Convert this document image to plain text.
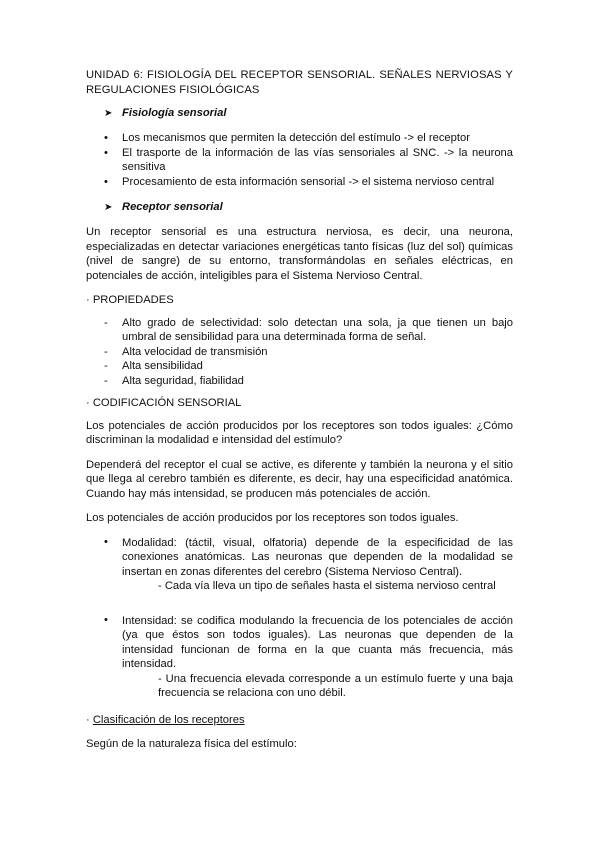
UNIDAD 6: FISIOLOGÍA DEL RECEPTOR SENSORIAL. SEÑALES NERVIOSAS Y REGULACIONES FISIOLÓGICAS

➤ Fisiología sensorial
• Los mecanismos que permiten la detección del estímulo -> el receptor
• El trasporte de la información de las vías sensoriales al SNC. -> la neurona sensitiva
• Procesamiento de esta información sensorial -> el sistema nervioso central
➤ Receptor sensorial

Un receptor sensorial es una estructura nerviosa, es decir, una neurona, especializadas en detectar variaciones energéticas tanto físicas (luz del sol) químicas (nivel de sangre) de su entorno, transformándolas en señales eléctricas, en potenciales de acción, inteligibles para el Sistema Nervioso Central.

· PROPIEDADES

- Alto grado de selectividad: solo detectan una sola, ja que tienen un bajo umbral de sensibilidad para una determinada forma de señal.
- Alta velocidad de transmisión
- Alta sensibilidad
- Alta seguridad, fiabilidad

· CODIFICACIÓN SENSORIAL

Los potenciales de acción producidos por los receptores son todos iguales: ¿Cómo discriminan la modalidad e intensidad del estímulo?

Dependerá del receptor el cual se active, es diferente y también la neurona y el sitio que llega al cerebro también es diferente, es decir, hay una especificidad anatómica. Cuando hay más intensidad, se producen más potenciales de acción.

Los potenciales de acción producidos por los receptores son todos iguales.

• Modalidad: (táctil, visual, olfatoria) depende de la especificidad de las conexiones anatómicas. Las neuronas que dependen de la modalidad se insertan en zonas diferentes del cerebro (Sistema Nervioso Central).

- Cada vía lleva un tipo de señales hasta el sistema nervioso central

• Intensidad: se codifica modulando la frecuencia de los potenciales de acción (ya que éstos son todos iguales). Las neuronas que dependen de la intensidad funcionan de forma en la que cuanta más frecuencia, más intensidad.

- Una frecuencia elevada corresponde a un estímulo fuerte y una baja frecuencia se relaciona con uno débil.

· Clasificación de los receptores

Según de la naturaleza física del estímulo:
